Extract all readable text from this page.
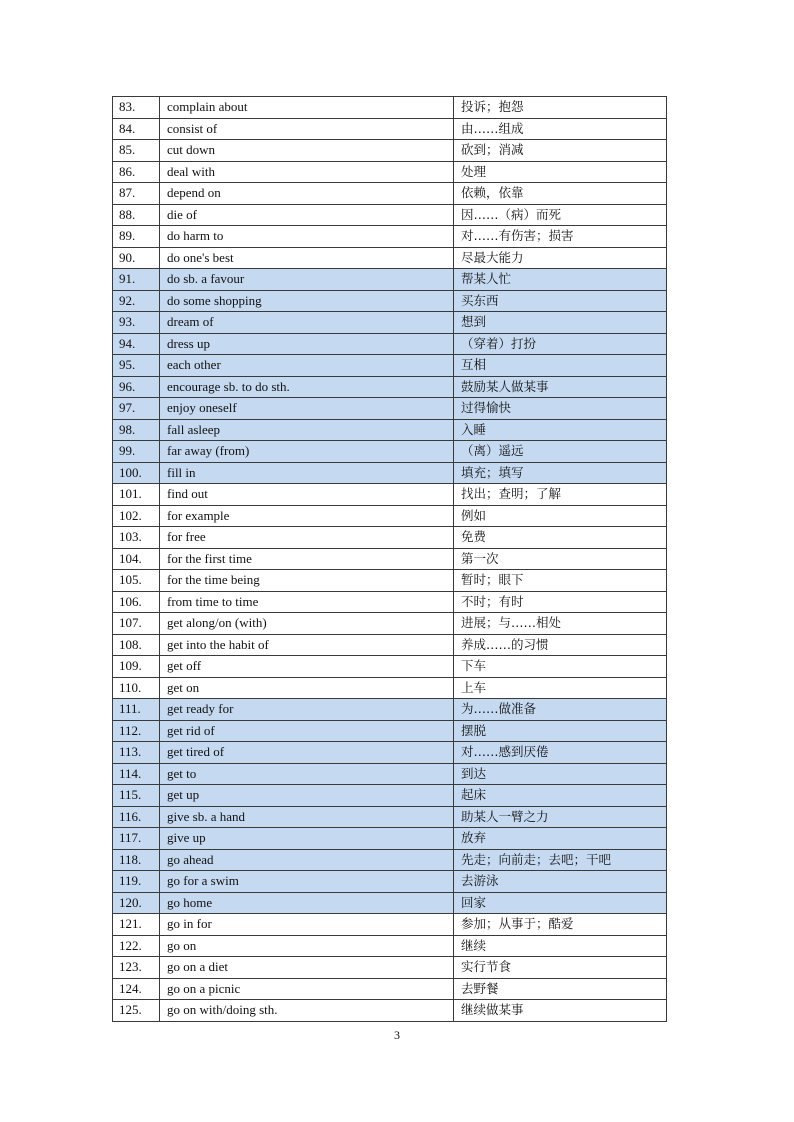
83.	complain about	投诉；抱怨
84.	consist of	由……组成
85.	cut down	砍到；消减
86.	deal with	处理
87.	depend on	依赖，依靠
88.	die of	因……（病）而死
89.	do harm to	对……有伤害；损害
90.	do one's best	尽最大能力
91.	do sb. a favour	帮某人忙
92.	do some shopping	买东西
93.	dream of	想到
94.	dress up	（穿着）打扮
95.	each other	互相
96.	encourage sb. to do sth.	鼓励某人做某事
97.	enjoy oneself	过得愉快
98.	fall asleep	入睡
99.	far away (from)	（离）遥远
100.	fill in	填充；填写
101.	find out	找出；查明；了解
102.	for example	例如
103.	for free	免费
104.	for the first time	第一次
105.	for the time being	暂时；眼下
106.	from time to time	不时；有时
107.	get along/on (with)	进展；与……相处
108.	get into the habit of	养成……的习惯
109.	get off	下车
110.	get on	上车
111.	get ready for	为……做准备
112.	get rid of	摆脱
113.	get tired of	对……感到厌倦
114.	get to	到达
115.	get up	起床
116.	give sb. a hand	助某人一臂之力
117.	give up	放弃
118.	go ahead	先走；向前走；去吧；干吧
119.	go for a swim	去游泳
120.	go home	回家
121.	go in for	参加；从事于；酷爱
122.	go on	继续
123.	go on a diet	实行节食
124.	go on a picnic	去野餐
125.	go on with/doing sth.	继续做某事
3
